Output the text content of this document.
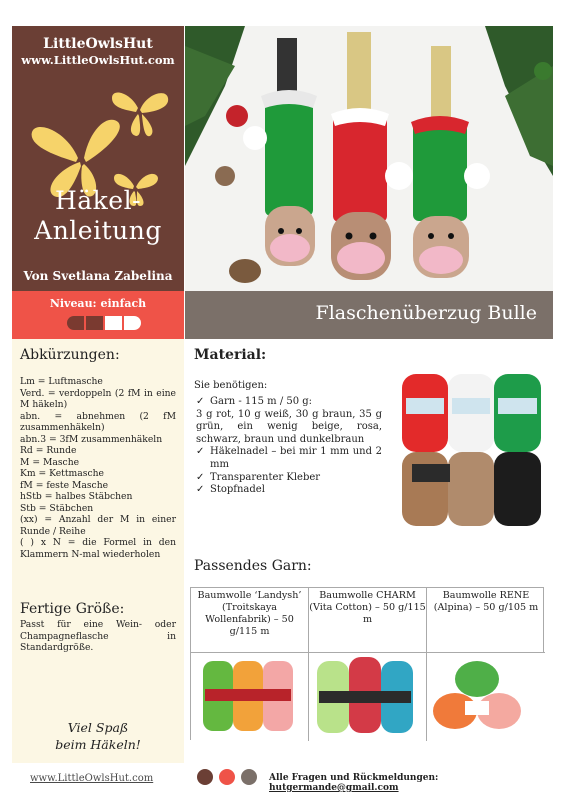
LittleOwlsHut
www.LittleOwlsHut.com
Häkel-
Anleitung
Von Svetlana Zabelina
Niveau: einfach	Flaschenüberzug Bulle
Abkürzungen:
Lm = Luftmasche
Verd. = verdoppeln (2 fM in eine M häkeln)
abn. = abnehmen (2 fM zusammenhäkeln)
abn.3 = 3fM zusammenhäkeln
Rd = Runde
M = Masche
Km = Kettmasche
fM = feste Masche
hStb = halbes Stäbchen
Stb = Stäbchen
(xx) = Anzahl der M in einer Runde / Reihe
( ) x N = die Formel in den Klammern N-mal wiederholen
Fertige Größe:
Passt für eine Wein- oder Champagneflasche in Standardgröße.
Viel Spaß
beim Häkeln!
Material:
Sie benötigen:
✓ Garn - 115 m / 50 g:
3 g rot, 10 g weiß, 30 g braun, 35 g grün, ein wenig beige, rosa, schwarz, braun und dunkelbraun
✓ Häkelnadel – bei mir 1 mm und 2 mm
✓ Transparenter Kleber
✓ Stopfnadel
Passendes Garn:
Baumwolle ‘Landysh’ (Troitskaya Wollenfabrik) – 50 g/115 m
Baumwolle CHARM (Vita Cotton) – 50 g/115 m
Baumwolle RENE (Alpina) – 50 g/105 m
www.LittleOwlsHut.com	Alle Fragen und Rückmeldungen: hutgermande@gmail.com
